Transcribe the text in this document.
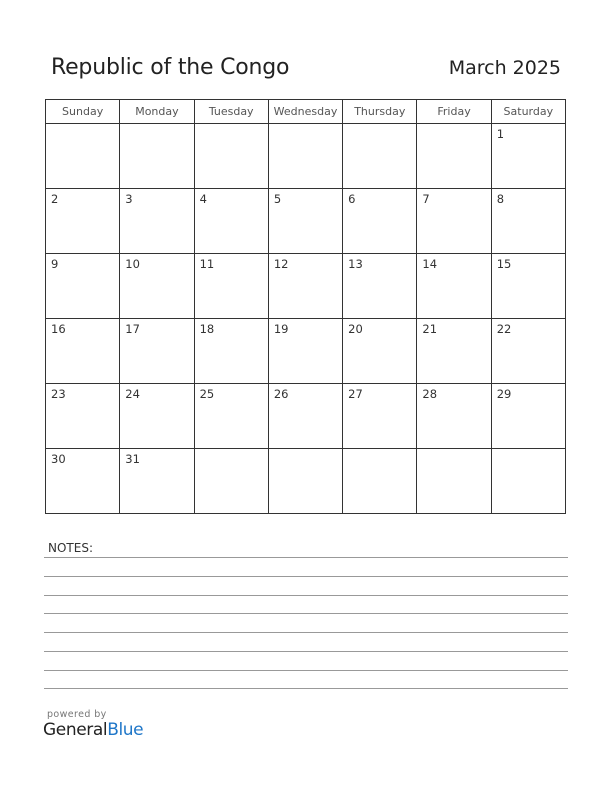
Republic of the Congo	March 2025
Sunday	Monday	Tuesday	Wednesday	Thursday	Friday	Saturday

						1

2	3	4	5	6	7	8

9	10	11	12	13	14	15

16	17	18	19	20	21	22

23	24	25	26	27	28	29

30	31					

NOTES:
powered by
GeneralBlue
